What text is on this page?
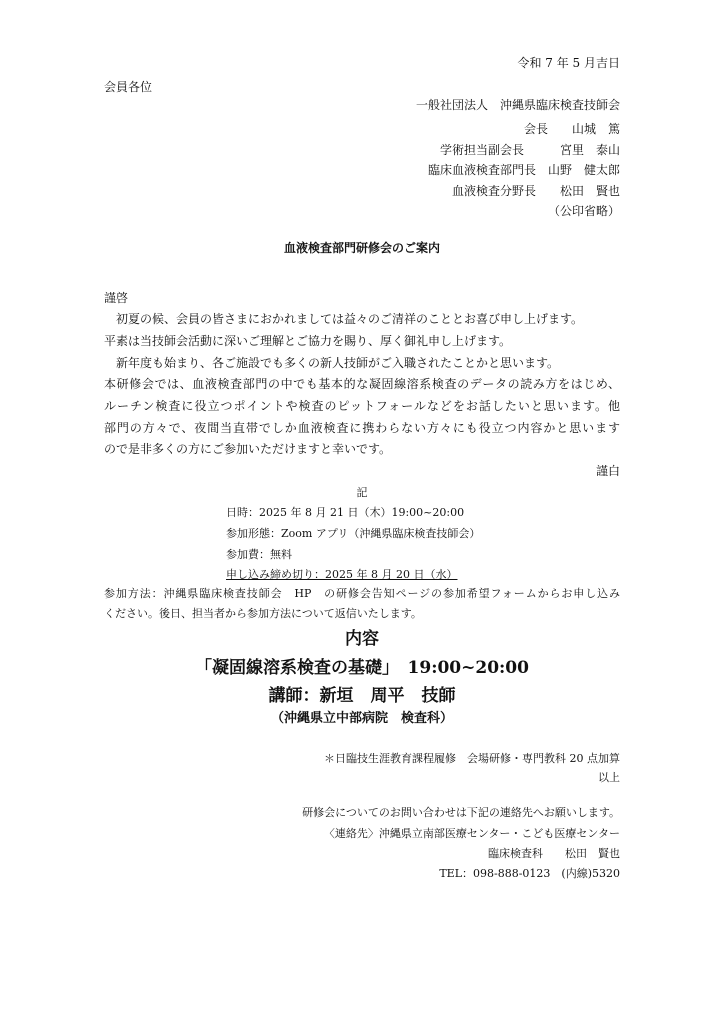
令和 7 年 5 月吉日
会員各位
一般社団法人　沖縄県臨床検査技師会
会長　　山城　篤
学術担当副会長　　　宮里　泰山
臨床血液検査部門長　山野　健太郎
血液検査分野長　　松田　賢也
（公印省略）
血液検査部門研修会のご案内
謹啓
初夏の候、会員の皆さまにおかれましては益々のご清祥のこととお喜び申し上げます。
平素は当技師会活動に深いご理解とご協力を賜り、厚く御礼申し上げます。
新年度も始まり、各ご施設でも多くの新人技師がご入職されたことかと思います。
本研修会では、血液検査部門の中でも基本的な凝固線溶系検査のデータの読み方をはじめ、
ルーチン検査に役立つポイントや検査のピットフォールなどをお話したいと思います。他
部門の方々で、夜間当直帯でしか血液検査に携わらない方々にも役立つ内容かと思います
ので是非多くの方にご参加いただけますと幸いです。
謹白
記
日時：2025 年 8 月 21 日（木）19:00~20:00
参加形態：Zoom アプリ（沖縄県臨床検査技師会）
参加費：無料
申し込み締め切り：2025 年 8 月 20 日（水）
参加方法：沖縄県臨床検査技師会　HP　の研修会告知ページの参加希望フォームからお申し込み
ください。後日、担当者から参加方法について返信いたします。
内容
「凝固線溶系検査の基礎」　19:00~20:00
講師：新垣　周平　技師
（沖縄県立中部病院　検査科）
＊日臨技生涯教育課程履修　会場研修・専門教科 20 点加算
以上
研修会についてのお問い合わせは下記の連絡先へお願いします。
〈連絡先〉沖縄県立南部医療センター・こども医療センター
臨床検査科　　松田　賢也
TEL：098-888-0123　(内線)5320
